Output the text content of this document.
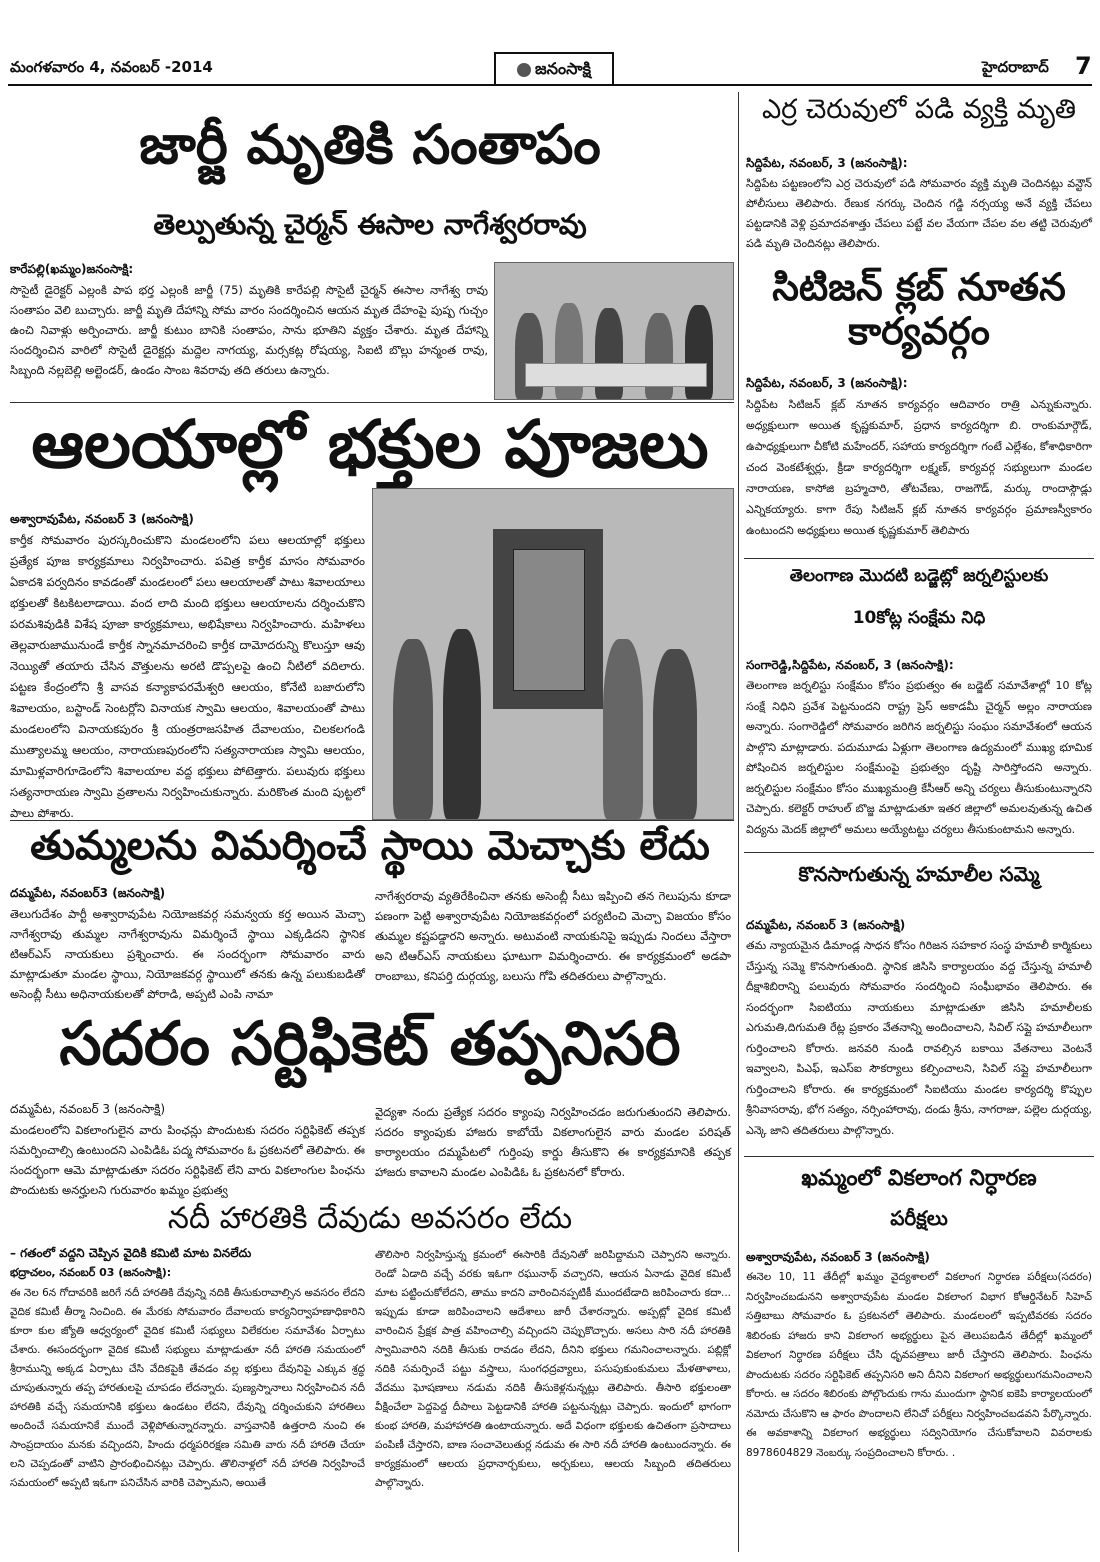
మంగళవారం 4, నవంబర్ -2014	జనంసాక్షి	హైదరాబాద్ 7
జార్జీ మృతికి సంతాపం
తెల్పుతున్న చైర్మన్ ఈసాల నాగేశ్వరరావు
కారేపల్లి(ఖమ్మం)జనంసాక్షి:
సొసైటీ డైరెక్టర్ ఎల్లంకి పాప భర్త ఎల్లంకి జార్జీ (75) మృతికి కారేపల్లి సొసైటీ చైర్మన్ ఈసాల నాగేశ్వ రావు సంతాపం వెలి బుచ్చారు. జార్జీ మృతి దేహాన్ని సోమ వారం సందర్శించిన ఆయన మృత దేహంపై పుష్ప గుచ్చం ఉంచి నివాళ్లు అర్పించారు. జార్జీ కుటుం బానికి సంతాపం, సాను భూతిని వ్యక్తం చేశారు. మృత దేహాన్ని సందర్శించిన వారిలో సొసైటీ డైరెక్టర్లు మద్దెల నాగయ్య, మర్సకట్ల రోషయ్య, సిఐటి బొల్లు హన్మంత రావు, సిబ్బంది నల్లబెల్లి అల్టెండర్, ఉండం సాంబ శివరావు తది తరులు ఉన్నారు.
ఆలయాల్లో భక్తుల పూజలు
అశ్వారావుపేట, నవంబర్ 3 (జనంసాక్షి)
కార్తీక సోమవారం పురస్కరించుకొని మండలంలోని పలు ఆలయాల్లో భక్తులు ప్రత్యేక పూజ కార్యక్రమాలు నిర్వహించారు. పవిత్ర కార్తీక మాసం సోమవారం ఏకాదశి పర్వదినం కావడంతో మండలంలో పలు ఆలయాలతో పాటు శివాలయాలు భక్తులతో కిటకిటలాడాయి. వంద లాది మంది భక్తులు ఆలయాలను దర్శించుకొని పరమశివుడికి విశేష పూజా కార్యక్రమాలు, అభిషేకాలు నిర్వహించారు. మహిళలు తెల్లవారుజామునుండే కార్తీక స్నానమాచరించి కార్తీక దామోదరున్ని కొలుస్తూ ఆవు నెయ్యితో తయారు చేసిన వొత్తులను అరటి డొప్పలపై ఉంచి నీటిలో వదిలారు. పట్టణ కేంద్రంలోని శ్రీ వాసవ కన్యాకాపరమేశ్వరి ఆలయం, కోనేటి బజారులోని శివాలయం, బస్టాండ్ సెంటర్లోని వినాయక స్వామి ఆలయం, శివాలయంతో పాటు మండలంలోని వినాయకపురం శ్రీ యంత్రరాజసహిత దేవాలయం, చిలకలగండి ముత్యాలమ్మ ఆలయం, నారాయణపురంలోని సత్యనారాయణ స్వామి ఆలయం, మామిళ్లవారిగూడెంలోని శివాలయాల వద్ద భక్తులు పోటెత్తారు. పలువురు భక్తులు సత్యనారాయణ స్వామి వ్రతాలను నిర్వహించుకున్నారు. మరికొంత మంది పుట్టలో పాలు పోశారు.
తుమ్మలను విమర్శించే స్థాయి మెచ్చాకు లేదు
దమ్మపేట, నవంబర్3 (జనంసాక్షి)
తెలుగుదేశం పార్టీ అశ్వారావుపేట నియోజకవర్గ సమన్వయ కర్త అయిన మెచ్చా నాగేశ్వరావు తుమ్మల నాగేశ్వరావును విమర్శించే స్థాయి ఎక్కడిదని స్థానిక టిఆర్ఎస్ నాయకులు ప్రశ్నించారు. ఈ సందర్భంగా సోమవారం వారు మాట్లాడుతూ మండల స్థాయి, నియోజకవర్గ స్థాయిలో తనకు ఉన్న పలుకుబడితో అసెంబ్లీ సీటు అధినాయకులతో పోరాడి, అప్పటి ఎంపి నామా
నాగేశ్వరరావు వ్యతిరేకించినా తనకు అసెంబ్లీ సీటు ఇప్పించి తన గెలుపును కూడా పణంగా పెట్టి అశ్వారావుపేట నియోజకవర్గంలో పర్యటించి మెచ్చా విజయం కోసం తుమ్మల కష్టపడ్డారని అన్నారు. అటువంటి నాయకునిపై ఇప్పుడు నిందలు వేస్తారా అని టిఆర్ఎస్ నాయకులు ఘాటుగా విమర్శించారు. ఈ కార్యక్రమంలో అడపా రాంబాబు, కనిపర్తి దుర్గయ్య, బలుసు గోపి తదితరులు పాల్గొన్నారు.
సదరం సర్టిఫికెట్ తప్పనిసరి
దమ్మపేట, నవంబర్ 3 (జనంసాక్షి)
మండలంలోని వికలాంగులైన వారు పింఛన్లు పొందుటకు సదరం సర్టిఫికెట్ తప్పక సమర్పించాల్సి ఉంటుందని ఎంపిడిఓ పద్మ సోమవారం ఓ ప్రకటనలో తెలిపారు. ఈ సందర్భంగా ఆమె మాట్లాడుతూ సదరం సర్టిఫికెట్ లేని వారు వికలాంగుల పింఛను పొందుటకు అనర్హులని గురువారం ఖమ్మం ప్రభుత్వ
వైద్యశా నందు ప్రత్యేక సదరం క్యాంపు నిర్వహించడం జరుగుతుందని తెలిపారు. సదరం క్యాంపుకు హాజరు కాబోయే వికలాంగులైన వారు మండల పరిషత్ కార్యాలయం దమ్మపేటలో గుర్తింపు కార్డు తీసుకొని ఈ కార్యక్రమానికి తప్పక హాజరు కావాలని మండల ఎంపిడిఓ ఓ ప్రకటనలో కోరారు.
నదీ హారతికి దేవుడు అవసరం లేదు
– గతంలో వద్దని చెప్పిన వైదికి కమిటి మాట వినలేదు
భద్రాచలం, నవంబర్ 03 (జనంసాక్షి):
ఈ నెల 6న గోదావరికి జరిగే నదీ హారతికి దేవున్ని నదికి తీసుకురావాల్సిన అవసరం లేదని వైదిక కమిటీ తీర్మా నించింది. ఈ మేరకు సోమవారం దేవాలయ కార్యనిర్వాహణాధికారిని కూరా కుల జ్యోతి ఆధ్వర్యంలో వైదిక కమిటీ సభ్యులు విలేకరుల సమావేశం ఏర్పాటు చేశారు. ఈసందర్భంగా వైదిక కమిటీ సభ్యులు మాట్లాడుతూ నదీ హారతి సమయంలో శ్రీరామున్ని అక్కడ ఏర్పాటు చేసి వేదికపైకి తేవడం వల్ల భక్తులు దేవునిపై ఎక్కువ శ్రద్ధ చూపుతున్నారు తప్ప హారతులపై చూపడం లేదన్నారు. పుణ్యస్నానాలు నిర్వహించిన నదీ హారతికి వచ్చే సమయానికి భక్తులు ఉండటం లేదని, దేవున్ని దర్శించుకుని హారతిలు అందించే సమయానికే ముందే వెళ్లిపోతున్నారన్నారు. వాస్తవానికి ఉత్తరాది నుంచి ఈ సాంప్రదాయం మనకు వచ్చిందని, హిందు ధర్మపరిరక్షణ సమితి వారు నదీ హారతి చేయా లని చెప్పడంతో వాటిని ప్రారంభించినట్లు చెప్పారు. తొలినాళ్లలో నదీ హారతి నిర్వహించే సమయంలో అప్పటి ఇఓగా పనిచేసిన వారికి చెప్పామని, అయితే
తొలిసారి నిర్వహిస్తున్న క్రమంలో ఈసారికి దేవునితో జరిపిద్దామని చెప్పారని అన్నారు. రెండో ఏడాది వచ్చే వరకు ఇఓగా రఘునాథ్ వచ్చారని, ఆయన ఏనాడు వైదిక కమిటీ మాట పట్టించుకోలేదని, తాము కాదని వారించినప్పటికీ ముందటేడాది జరిపించారు కదా... ఇప్పుడు కూడా జరిపించాలని ఆదేశాలు జారీ చేశారన్నారు. అప్పట్లో వైదిక కమిటీ వారించిన ప్రేక్షక పాత్ర వహించాల్సి వచ్చిందని చెప్పుకొచ్చారు. అసలు సారి నదీ హారతికి స్వామివారిని నదికి తీసుకు రావడం లేదని, దీనిని భక్తులు గమనించాలన్నారు. పబ్లిక్లో నదికి సమర్పించే పట్టు వస్త్రాలు, సుంగధద్రవ్యాలు, పసుపుకుంకుమలు మేళతాళాలు, వేదము ఘోషణాలు నడుమ నదికి తీసుకెళ్లనున్నట్లు తెలిపారు. తీసారి భక్తులంతా వీక్షించేలా పెద్దపెద్ద దీపాలు పెట్టడానికి హారతి పట్టనున్నట్లు చెప్పారు. ఇందులో భాగంగా కుంభ హారతి, మహాహారతి ఉంటాయన్నారు. అదే విధంగా భక్తులకు ఉచితంగా ప్రసాదాలు పంపిణీ చేస్తారని, బాణ సంచావెలుతుర్ల నడుమ ఈ సారి నదీ హారతి ఉంటుందన్నారు. ఈ కార్యక్రమంలో ఆలయ ప్రధానార్చకులు, అర్చకులు, ఆలయ సిబ్బంది తదితరులు పాల్గొన్నారు.
ఎర్ర చెరువులో పడి వ్యక్తి మృతి
సిద్దిపేట, నవంబర్, 3 (జనంసాక్షి):
సిద్దిపేట పట్టణంలోని ఎర్ర చెరువులో పడి సోమవారం వ్యక్తి మృతి చెందినట్లు వన్టౌన్ పోలీసులు తెలిపారు. రేణుక నగర్కు చెందిన గడ్డి నర్సయ్య అనే వ్యక్తి చేపలు పట్టడానికి వెళ్లి ప్రమాదవశాత్తు చేపలు పట్టే వల వేయగా చేపల వల తట్టి చెరువులో పడి మృతి చెందినట్లు తెలిపారు.
సిటిజన్ క్లబ్ నూతన కార్యవర్గం
సిద్దిపేట, నవంబర్, 3 (జనంసాక్షి):
సిద్దిపేట సిటిజన్ క్లబ్ నూతన కార్యవర్గం ఆదివారం రాత్రి ఎన్నుకున్నారు. అధ్యక్షులుగా అయిత కృష్ణకుమార్, ప్రధాన కార్యదర్శిగా బి. రాంకుమార్గౌడ్, ఉపాధ్యక్షులుగా చీకోటి మహేందర్, సహాయ కార్యదర్శిగా గంటే ఎల్లేశం, కోశాధికారిగా చంద వెంకటేశ్వర్లు, క్రీడా కార్యదర్శిగా లక్ష్మణ్, కార్యవర్గ సభ్యులుగా మండల నారాయణ, కాసోజి బ్రహ్మచారి, తోటవేణు, రాజగౌడ్, మర్కు రాందాస్గౌడ్లు ఎన్నికయ్యారు. కాగా రేపు సిటిజన్ క్లబ్ నూతన కార్యవర్గం ప్రమాణస్వీకారం ఉంటుందని అధ్యక్షులు అయిత కృష్ణకుమార్ తెలిపారు
తెలంగాణ మొదటి బడ్జెట్లో జర్నలిస్టులకు
10కోట్ల సంక్షేమ నిధి
సంగారెడ్డి,సిద్దిపేట, నవంబర్, 3 (జనంసాక్షి):
తెలంగాణ జర్నలిస్టు సంక్షేమం కోసం ప్రభుత్వం ఈ బడ్జెట్ సమావేశాల్లో 10 కోట్ల సంక్షే నిధిని ప్రవేశ పెట్టనుందని రాష్ట్ర ప్రెస్ అకాడమీ చైర్మన్ అల్లం నారాయణ అన్నారు. సంగారెడ్డిలో సోమవారం జరిగిన జర్నలిస్టు సంఘం సమావేశంలో ఆయన పాల్గొని మాట్లాడారు. పదుమూడు ఏళ్లుగా తెలంగాణ ఉద్యమంలో ముఖ్య భూమిక పోషించిన జర్నలిస్టుల సంక్షేమంపై ప్రభుత్వం దృష్టి సారిస్తోందని అన్నారు. జర్నలిస్టుల సంక్షేమం కోసం ముఖ్యమంత్రి కేసీఆర్ అన్ని చర్యలు తీసుకుంటున్నారని చెప్పారు. కలెక్టర్ రాహుల్ బొజ్జ మాట్లాడుతూ ఇతర జిల్లాలో అమలవుతున్న ఉచిత విద్యను మెదక్ జిల్లాలో అమలు అయ్యేటట్టు చర్యలు తీసుకుంటామని అన్నారు.
కొనసాగుతున్న హమాలీల సమ్మె
దమ్మపేట, నవంబర్ 3 (జనంసాక్షి)
తమ న్యాయమైన డిమాండ్ల సాధన కోసం గిరిజన సహకార సంస్థ హమాలీ కార్మికులు చేస్తున్న సమ్మె కొనసాగుతుంది. స్థానిక జిసిసి కార్యాలయం వద్ద చేస్తున్న హమాలీ దీక్షాశిబిరాన్ని పలువురు సోమవారం సందర్శించి సంఘీభావం తెలిపారు. ఈ సందర్భంగా సిఐటియు నాయకులు మాట్లాడుతూ జిసిసి హమాలీలకు ఎగుమతి,దిగుమతి రేట్ల ప్రకారం వేతనాన్ని అందించాలని, సివిల్ సప్లై హమాలీలుగా గుర్తించాలని కోరారు. జనవరి నుండి రావల్సిన బకాయి వేతనాలు వెంటనే ఇవ్వాలని, పిఎఫ్, ఇఎస్ఐ సౌకర్యాలు కల్పించాలని, సివిల్ సప్లై హమాలీలుగా గుర్తించాలని కోరారు. ఈ కార్యక్రమంలో సిఐటియు మండల కార్యదర్శి కొప్పుల శ్రీనివాసరావు, భోగ సత్యం, నర్సింహారావు, దండు శ్రీను, నాగరాజు, పల్లెల దుర్గయ్య, ఎన్కె జాని తదితరులు పాల్గొన్నారు.
ఖమ్మంలో వికలాంగ నిర్ధారణ
పరీక్షలు
అశ్వారావుపేట, నవంబర్ 3 (జనంసాక్షి)
ఈనెల 10, 11 తేదీల్లో ఖమ్మం వైద్యశాలలో వికలాంగ నిర్ధారణ పరీక్షలు(సదరం) నిర్వహించబడునని అశ్వారావుపేట మండల వికలాంగ విభాగ కోఆర్డినేటర్ సిహెచ్ సత్తిబాబు సోమవారం ఓ ప్రకటనలో తెలిపారు. మండలంలో ఇప్పటివరకు సదరం శిబిరంకు హాజరు కాని వికలాంగ అభ్యర్థులు పైన తెలుపబడిన తేదీల్లో ఖమ్మంలో వికలాంగ నిర్ధారణ పరీక్షలు చేసి ధృవపత్రాలు జారీ చేస్తారని తెలిపారు. పింఛను పొందుటకు సదరం సర్టిఫికెట్ తప్పనిసరి అని దీనిని వికలాంగ అభ్యర్థులుగమనించాలని కోరారు. ఆ సదరం శిబిరంకు పోల్గొందుకు గాను ముందుగా స్థానిక ఐకెపి కార్యాలయంలో నమోదు చేసుకొని ఆ ఫారం పొందాలని లేనిచో పరీక్షలు నిర్వహించబడవని పేర్కొన్నారు. ఈ అవకాశాన్ని వికలాంగ అభ్యర్థులు సద్వినియోగం చేసుకోవాలని వివరాలకు 8978604829 నెంబర్కు సంప్రదించాలని కోరారు. .
